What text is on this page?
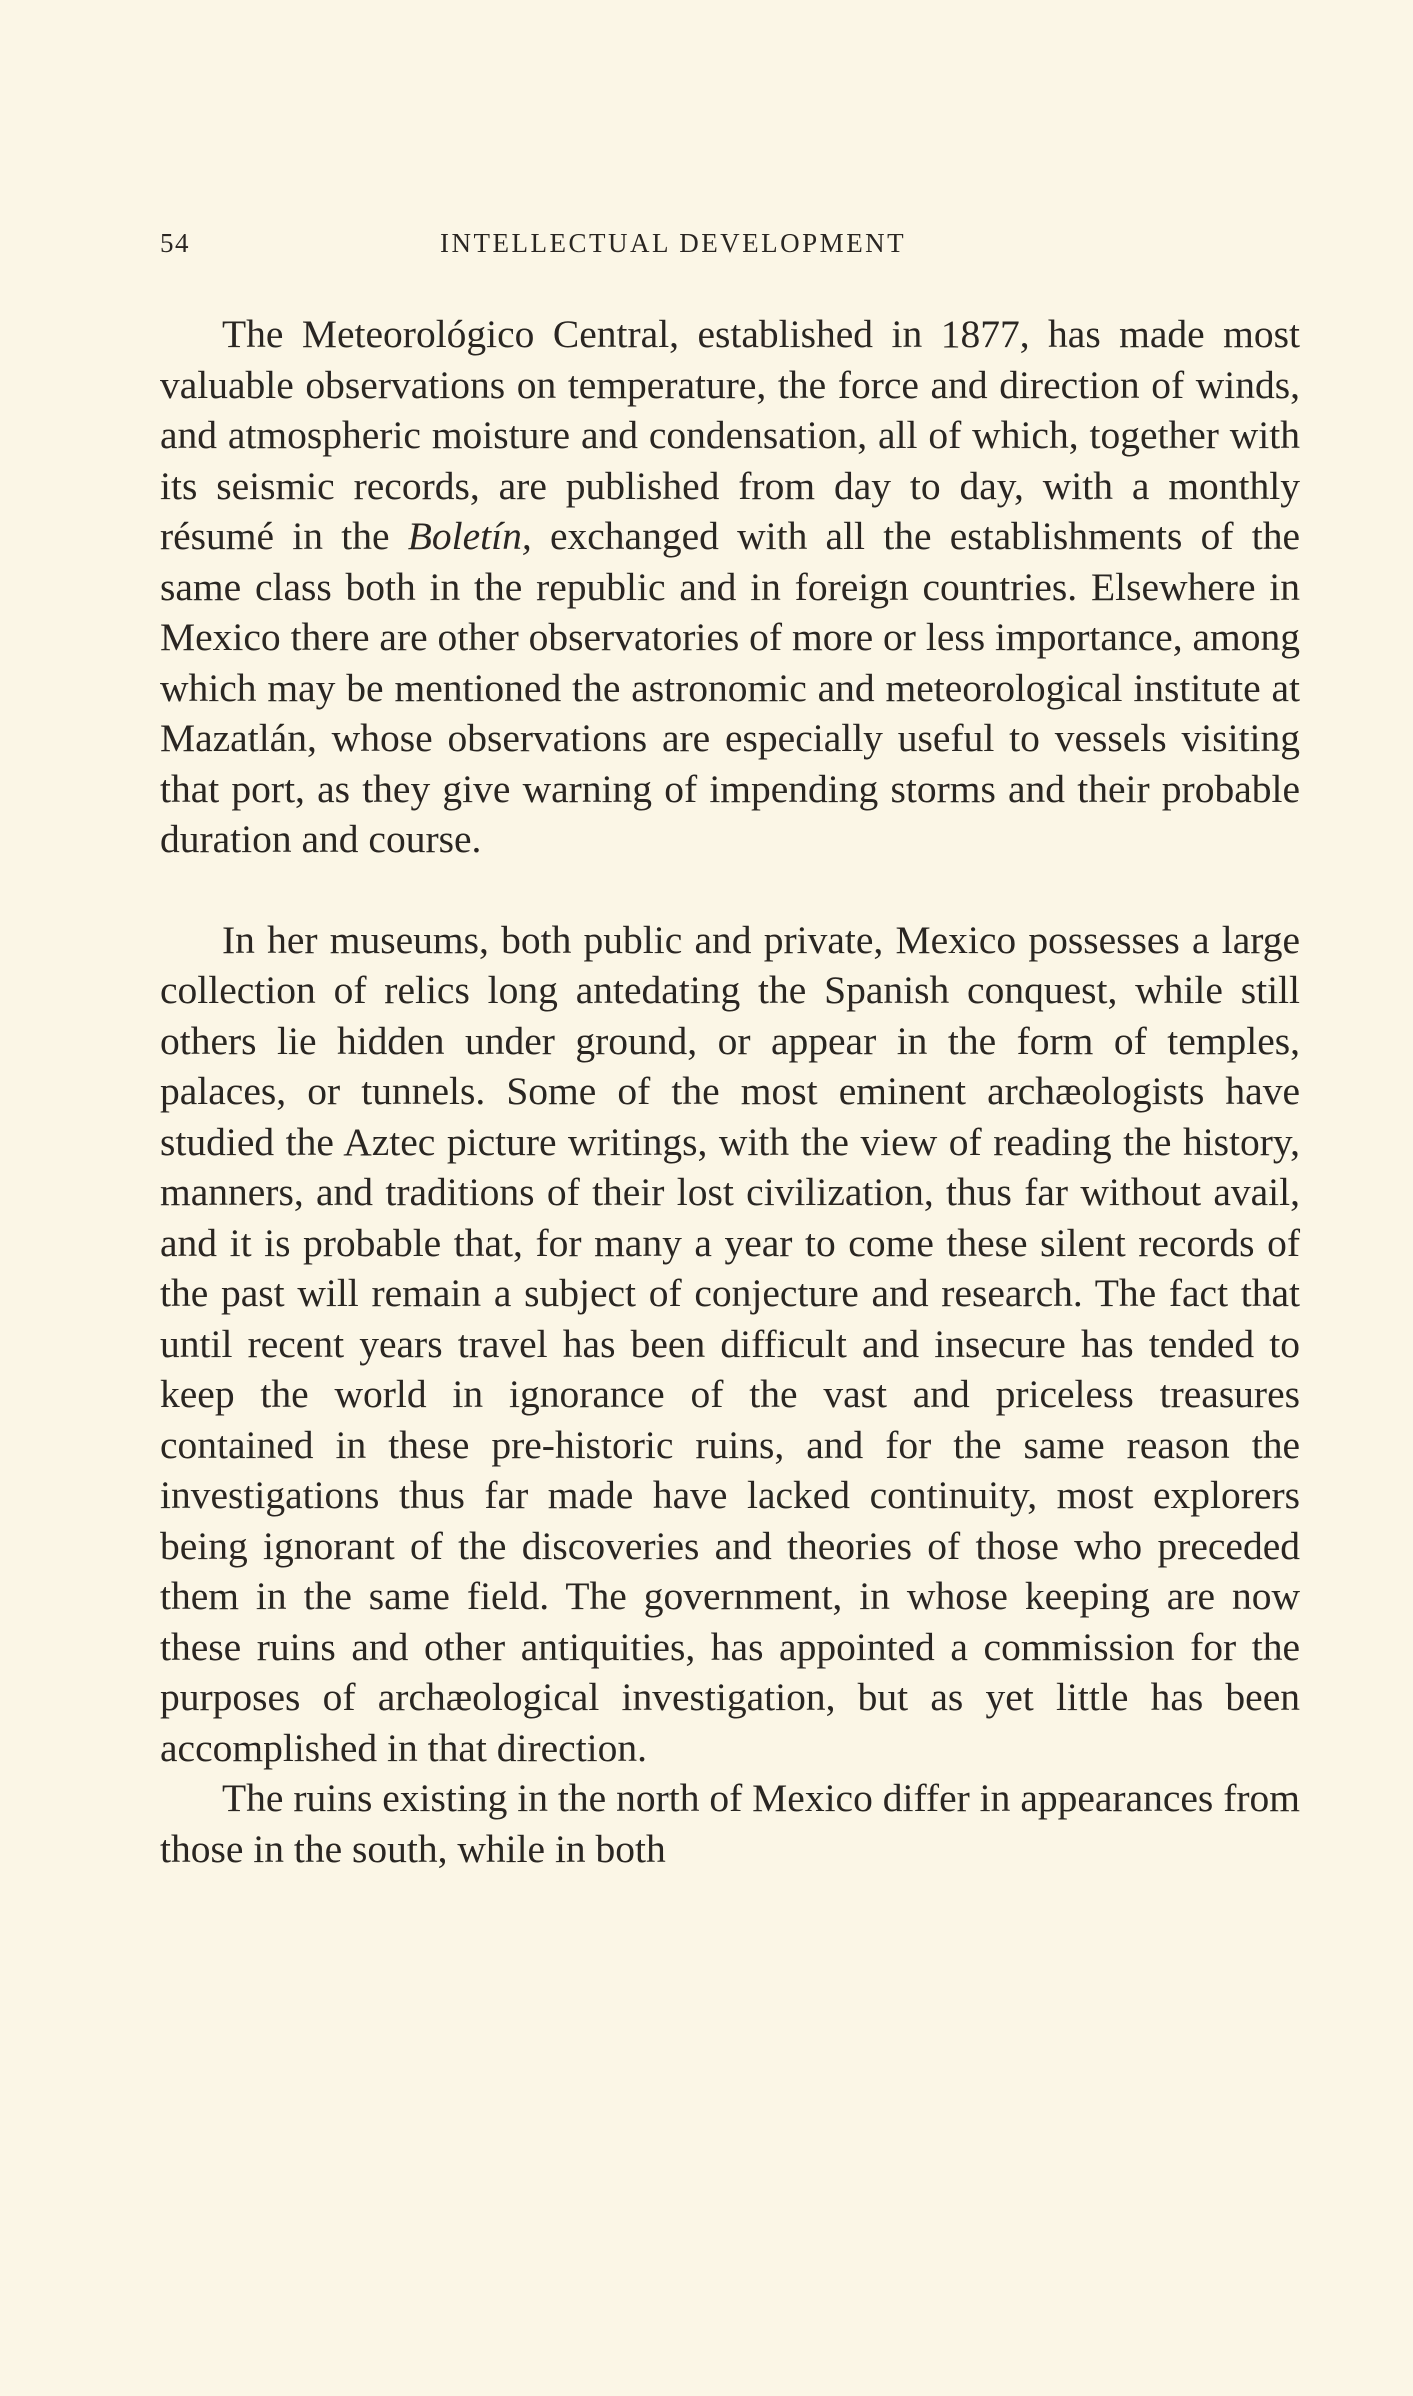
54	INTELLECTUAL DEVELOPMENT

The Meteorológico Central, established in 1877, has made most valuable observations on temperature, the force and direction of winds, and atmospheric moisture and condensation, all of which, together with its seismic records, are published from day to day, with a monthly résumé in the Boletín, exchanged with all the establishments of the same class both in the republic and in foreign countries. Elsewhere in Mexico there are other observatories of more or less importance, among which may be mentioned the astronomic and meteorological institute at Mazatlán, whose observations are especially useful to vessels visiting that port, as they give warning of impending storms and their probable duration and course.

In her museums, both public and private, Mexico possesses a large collection of relics long antedating the Spanish conquest, while still others lie hidden under ground, or appear in the form of temples, palaces, or tunnels. Some of the most eminent archæologists have studied the Aztec picture writings, with the view of reading the history, manners, and traditions of their lost civilization, thus far without avail, and it is probable that, for many a year to come these silent records of the past will remain a subject of conjecture and research. The fact that until recent years travel has been difficult and insecure has tended to keep the world in ignorance of the vast and priceless treasures contained in these pre-historic ruins, and for the same reason the investigations thus far made have lacked continuity, most explorers being ignorant of the discoveries and theories of those who preceded them in the same field. The government, in whose keeping are now these ruins and other antiquities, has appointed a commission for the purposes of archæological investigation, but as yet little has been accomplished in that direction.

The ruins existing in the north of Mexico differ in appearances from those in the south, while in both
